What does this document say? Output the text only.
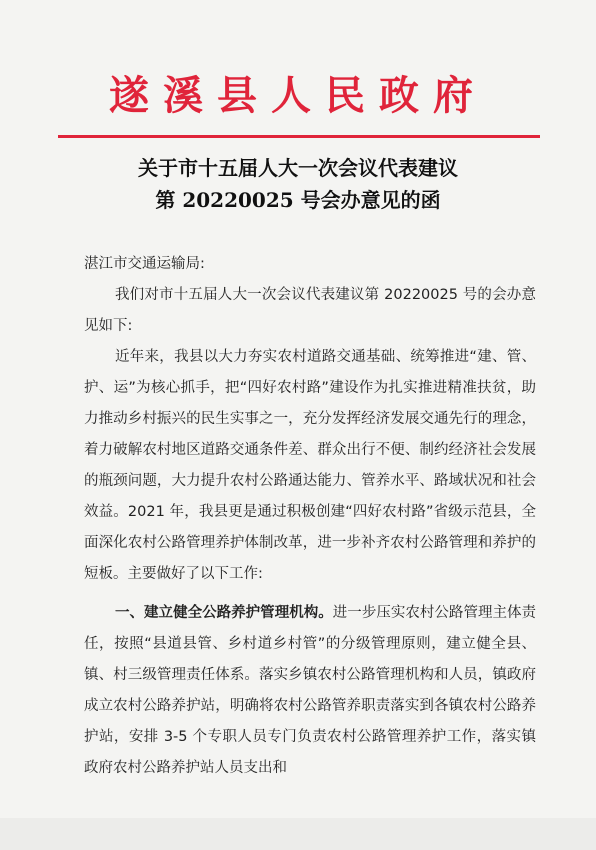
遂溪县人民政府
关于市十五届人大一次会议代表建议
第 20220025 号会办意见的函
湛江市交通运输局:
我们对市十五届人大一次会议代表建议第 20220025 号的会办意见如下:
近年来，我县以大力夯实农村道路交通基础、统筹推进“建、管、护、运”为核心抓手，把“四好农村路”建设作为扎实推进精准扶贫，助力推动乡村振兴的民生实事之一，充分发挥经济发展交通先行的理念，着力破解农村地区道路交通条件差、群众出行不便、制约经济社会发展的瓶颈问题，大力提升农村公路通达能力、管养水平、路域状况和社会效益。2021 年，我县更是通过积极创建“四好农村路”省级示范县，全面深化农村公路管理养护体制改革，进一步补齐农村公路管理和养护的短板。主要做好了以下工作:
一、建立健全公路养护管理机构。进一步压实农村公路管理主体责任，按照“县道县管、乡村道乡村管”的分级管理原则，建立健全县、镇、村三级管理责任体系。落实乡镇农村公路管理机构和人员，镇政府成立农村公路养护站，明确将农村公路管养职责落实到各镇农村公路养护站，安排 3-5 个专职人员专门负责农村公路管理养护工作，落实镇政府农村公路养护站人员支出和
